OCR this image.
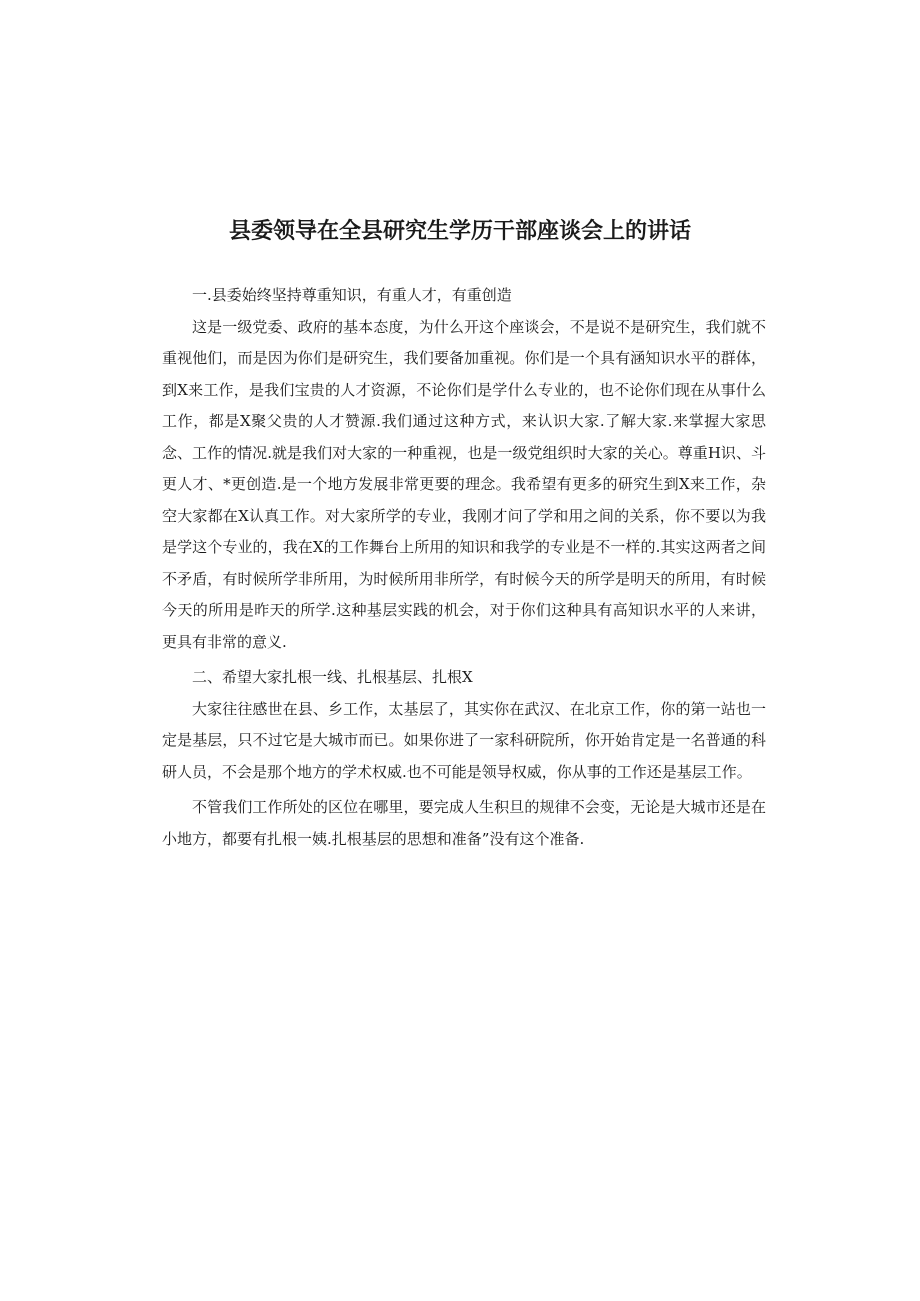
县委领导在全县研究生学历干部座谈会上的讲话

一.县委始终坚持尊重知识，有重人才，有重创造

这是一级党委、政府的基本态度，为什么开这个座谈会，不是说不是研究生，我们就不重视他们，而是因为你们是研究生，我们要备加重视。你们是一个具有涵知识水平的群体，到X来工作，是我们宝贵的人才资源，不论你们是学什么专业的，也不论你们现在从事什么工作，都是X聚父贵的人才赞源.我们通过这种方式，来认识大家.了解大家.来掌握大家思念、工作的情况.就是我们对大家的一种重视，也是一级党组织时大家的关心。尊重H识、斗更人才、*更创造.是一个地方发展非常更要的理念。我希望有更多的研究生到X来工作，杂空大家都在X认真工作。对大家所学的专业，我刚才问了学和用之间的关系，你不要以为我是学这个专业的，我在X的工作舞台上所用的知识和我学的专业是不一样的.其实这两者之间不矛盾，有时候所学非所用，为时候所用非所学，有时候今天的所学是明天的所用，有时候今天的所用是昨天的所学.这种基层实践的机会，对于你们这种具有高知识水平的人来讲，更具有非常的意义.

二、希望大家扎根一线、扎根基层、扎根X

大家往往感世在县、乡工作，太基层了，其实你在武汉、在北京工作，你的第一站也一定是基层，只不过它是大城市而已。如果你进了一家科研院所，你开始肯定是一名普通的科研人员，不会是那个地方的学术权威.也不可能是领导权威，你从事的工作还是基层工作。

不管我们工作所处的区位在哪里，要完成人生积旦的规律不会变，无论是大城市还是在小地方，都要有扎根一姨.扎根基层的思想和准备”没有这个准备.
